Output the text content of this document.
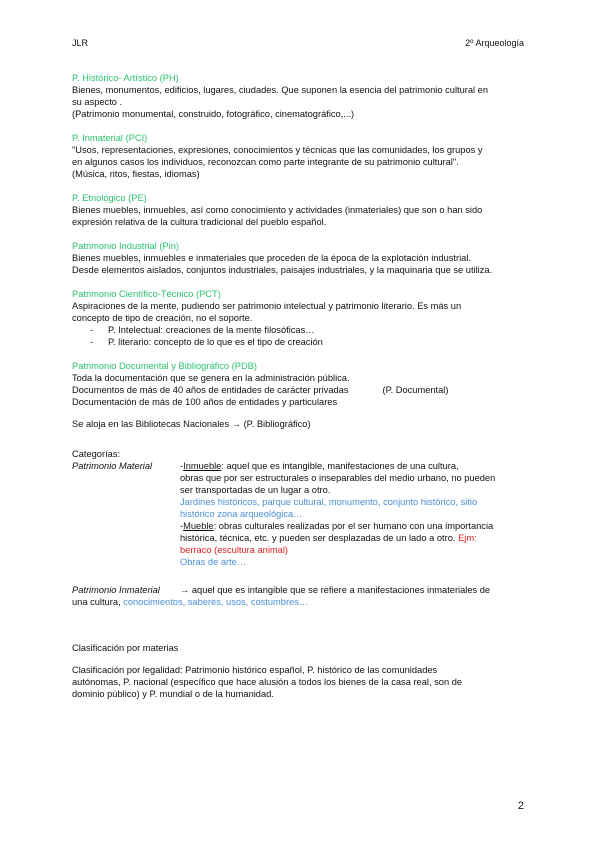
JLR	2º Arqueología
P. Histórico- Artístico (PH)
Bienes, monumentos, edificios, lugares, ciudades. Que suponen la esencia del patrimonio cultural en
su aspecto .
(Patrimonio monumental, construido, fotográfico, cinematográfico,...)
P. Inmaterial (PCI)
"Usos, representaciones, expresiones, conocimientos y técnicas que las comunidades, los grupos y
en algunos casos los individuos, reconozcan como parte integrante de su patrimonio cultural".
(Música, ritos, fiestas, idiomas)
P. Etnológico (PE)
Bienes muebles, inmuebles, así como conocimiento y actividades (inmateriales) que son o han sido
expresión relativa de la cultura tradicional del pueblo español.
Patrimonio Industrial (Pin)
Bienes muebles, inmuebles e inmateriales que proceden de la época de la explotación industrial.
Desde elementos aislados, conjuntos industriales, paisajes industriales, y la maquinaria que se utiliza.
Patrimonio Científico-Técnico (PCT)
Aspiraciones de la mente, pudiendo ser patrimonio intelectual y patrimonio literario. Es más un
concepto de tipo de creación, no el soporte.
- P. Intelectual: creaciones de la mente filosóficas…
- P. literario: concepto de lo que es el tipo de creación
Patrimonio Documental y Bibliográfico (PDB)
Toda la documentación que se genera en la administración pública.
Documentos de más de 40 años de entidades de carácter privadas	(P. Documental)
Documentación de más de 100 años de entidades y particulares
Se aloja en las Bibliotecas Nacionales → (P. Bibliográfico)
Categorías:
Patrimonio Material	-Inmueble: aquel que es intangible, manifestaciones de una cultura,
obras que por ser estructurales o inseparables del medio urbano, no pueden
ser transportadas de un lugar a otro.
Jardines históricos, parque cultural, monumento, conjunto histórico, sitio
histórico zona arqueológica…
-Mueble: obras culturales realizadas por el ser humano con una importancia
histórica, técnica, etc. y pueden ser desplazadas de un lado a otro. Ejm:
berraco (escultura animal)
Obras de arte…
Patrimonio Inmaterial → aquel que es intangible que se refiere a manifestaciones inmateriales de
una cultura, conocimientos, saberes, usos, costumbres…
Clasificación por materias
Clasificación por legalidad: Patrimonio histórico español, P. histórico de las comunidades
autónomas, P. nacional (específico que hace alusión a todos los bienes de la casa real, son de
dominio público) y P. mundial o de la humanidad.
2
